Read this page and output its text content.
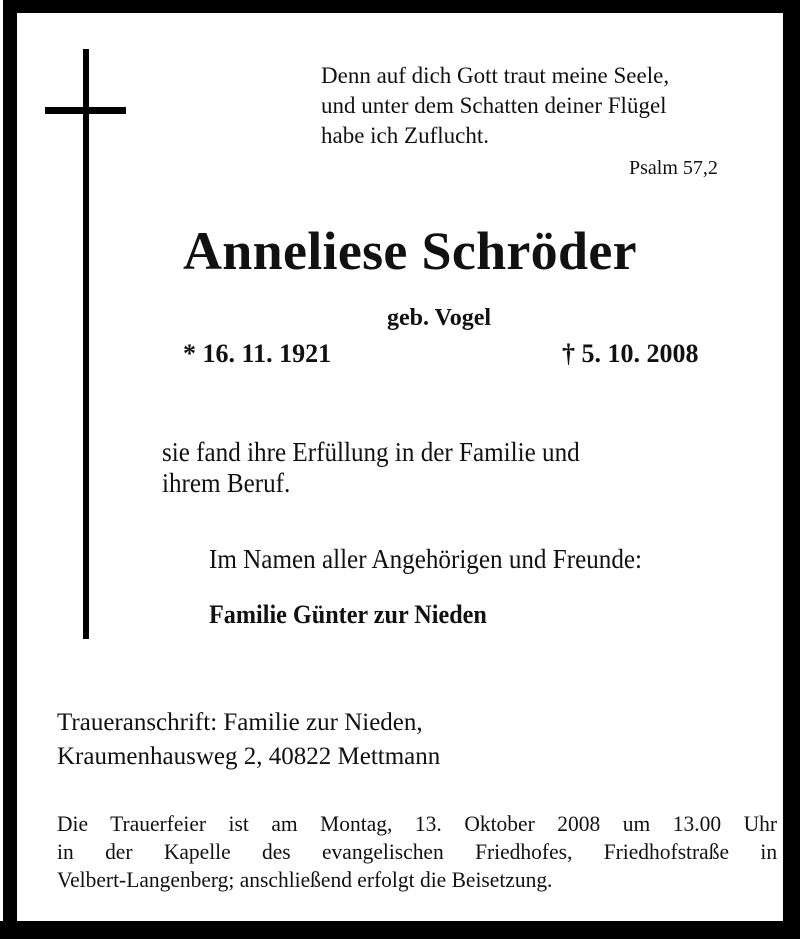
Denn auf dich Gott traut meine Seele,
und unter dem Schatten deiner Flügel
habe ich Zuflucht.
Psalm 57,2
Anneliese Schröder
geb. Vogel
* 16. 11. 1921	† 5. 10. 2008
sie fand ihre Erfüllung in der Familie und
ihrem Beruf.
Im Namen aller Angehörigen und Freunde:
Familie Günter zur Nieden
Traueranschrift: Familie zur Nieden,
Kraumenhausweg 2, 40822 Mettmann
Die Trauerfeier ist am Montag, 13. Oktober 2008 um 13.00 Uhr
in der Kapelle des evangelischen Friedhofes, Friedhofstraße in
Velbert-Langenberg; anschließend erfolgt die Beisetzung.
